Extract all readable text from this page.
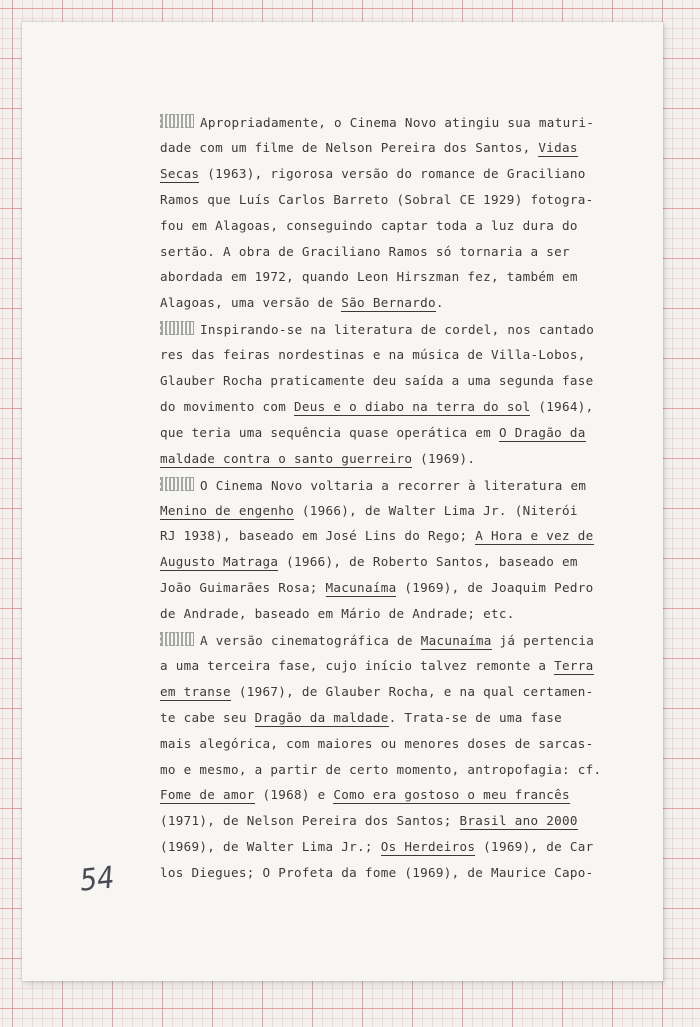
Apropriadamente, o Cinema Novo atingiu sua maturi-
dade com um filme de Nelson Pereira dos Santos, Vidas
Secas (1963), rigorosa versão do romance de Graciliano
Ramos que Luís Carlos Barreto (Sobral CE 1929) fotogra-
fou em Alagoas, conseguindo captar toda a luz dura do
sertão. A obra de Graciliano Ramos só tornaria a ser
abordada em 1972, quando Leon Hirszman fez, também em
Alagoas, uma versão de São Bernardo.
Inspirando-se na literatura de cordel, nos cantado
res das feiras nordestinas e na música de Villa-Lobos,
Glauber Rocha praticamente deu saída a uma segunda fase
do movimento com Deus e o diabo na terra do sol (1964),
que teria uma sequência quase operática em O Dragão da
maldade contra o santo guerreiro (1969).
O Cinema Novo voltaria a recorrer à literatura em
Menino de engenho (1966), de Walter Lima Jr. (Niterói
RJ 1938), baseado em José Lins do Rego; A Hora e vez de
Augusto Matraga (1966), de Roberto Santos, baseado em
João Guimarães Rosa; Macunaíma (1969), de Joaquim Pedro
de Andrade, baseado em Mário de Andrade; etc.
A versão cinematográfica de Macunaíma já pertencia
a uma terceira fase, cujo início talvez remonte a Terra
em transe (1967), de Glauber Rocha, e na qual certamen-
te cabe seu Dragão da maldade. Trata-se de uma fase
mais alegórica, com maiores ou menores doses de sarcas-
mo e mesmo, a partir de certo momento, antropofagia: cf.
Fome de amor (1968) e Como era gostoso o meu francês
(1971), de Nelson Pereira dos Santos; Brasil ano 2000
(1969), de Walter Lima Jr.; Os Herdeiros (1969), de Car
los Diegues; O Profeta da fome (1969), de Maurice Capo-
54
